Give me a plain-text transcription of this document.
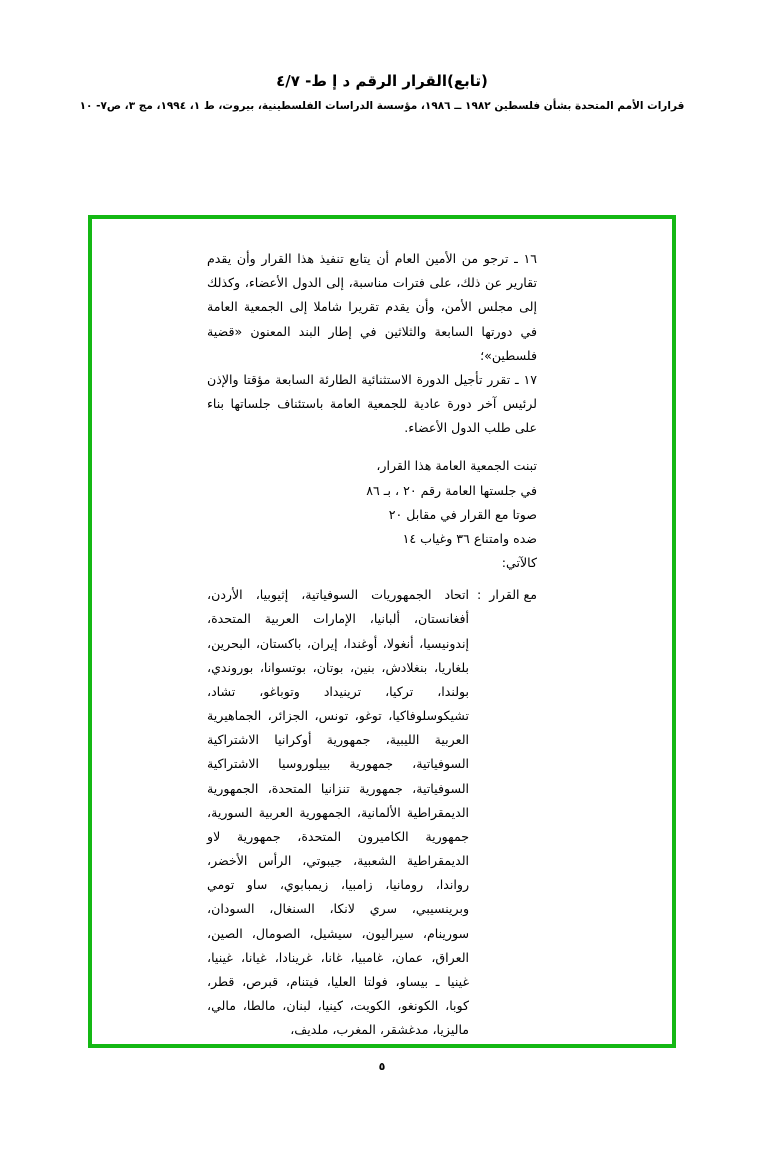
(تابع)القرار الرقم د إ ط- ٤/٧
قرارات الأمم المتحدة بشأن فلسطين ١٩٨٢ ــ ١٩٨٦، مؤسسة الدراسات الفلسطينية، بيروت، ط ١، ١٩٩٤، مج ٣، ص٧- ١٠

١٦ ـ ترجو من الأمين العام أن يتابع تنفيذ هذا القرار وأن يقدم تقارير عن ذلك، على فترات مناسبة، إلى الدول الأعضاء، وكذلك إلى مجلس الأمن، وأن يقدم تقريرا شاملا إلى الجمعية العامة في دورتها السابعة والثلاثين في إطار البند المعنون «قضية فلسطين»؛

١٧ ـ تقرر تأجيل الدورة الاستثنائية الطارئة السابعة مؤقتا والإذن لرئيس آخر دورة عادية للجمعية العامة باستئناف جلساتها بناء على طلب الدول الأعضاء.

تبنت الجمعية العامة هذا القرار،

في جلستها العامة رقم ٢٠ ، بـ ٨٦

صوتا مع القرار في مقابل ٢٠

ضده وامتناع ٣٦ وغياب ١٤

كالآتي:

مع القرار
:
اتحاد الجمهوريات السوفياتية، إثيوبيا، الأردن، أفغانستان، ألبانيا، الإمارات العربية المتحدة، إندونيسيا، أنغولا، أوغندا، إيران، باكستان، البحرين، بلغاريا، بنغلادش، بنين، بوتان، بوتسوانا، بوروندي، بولندا، تركيا، ترينيداد وتوباغو، تشاد، تشيكوسلوفاكيا، توغو، تونس، الجزائر، الجماهيرية العربية الليبية، جمهورية أوكرانيا الاشتراكية السوفياتية، جمهورية بييلوروسيا الاشتراكية السوفياتية، جمهورية تنزانيا المتحدة، الجمهورية الديمقراطية الألمانية، الجمهورية العربية السورية، جمهورية الكاميرون المتحدة، جمهورية لاو الديمقراطية الشعبية، جيبوتي، الرأس الأخضر، رواندا، رومانيا، زامبيا، زيمبابوي، ساو تومي وبرينسيبي، سري لانكا، السنغال، السودان، سورينام، سيراليون، سيشيل، الصومال، الصين، العراق، عمان، غامبيا، غانا، غرينادا، غيانا، غينيا، غينيا ـ بيساو، فولتا العليا، فيتنام، قبرص، قطر، كوبا، الكونغو، الكويت، كينيا، لبنان، مالطا، مالي، ماليزيا، مدغشقر، المغرب، ملديف،
٥
